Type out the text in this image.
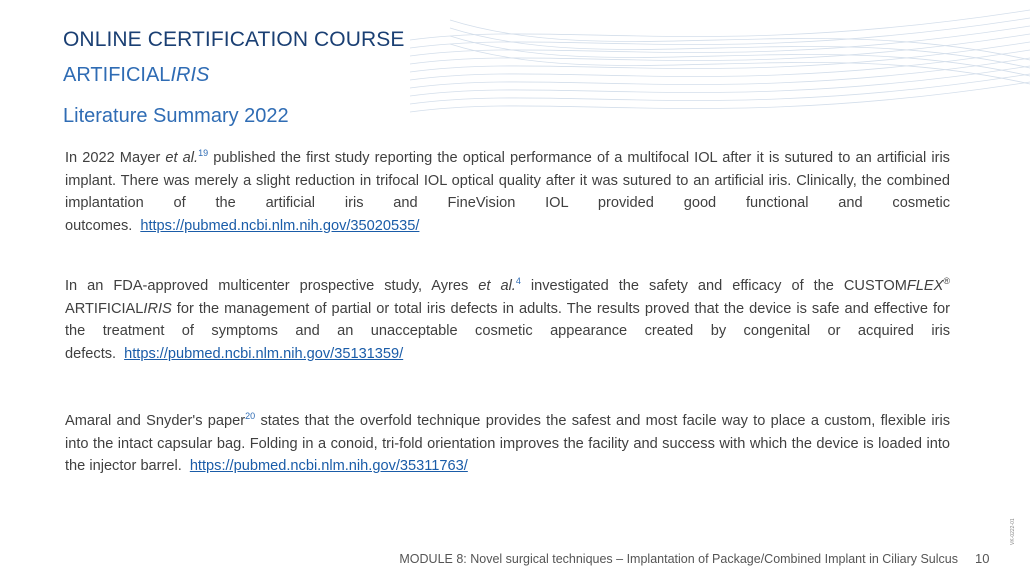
ONLINE CERTIFICATION COURSE
ARTIFICIALIRIS
Literature Summary 2022
In 2022 Mayer et al.$^{19}$ published the first study reporting the optical performance of a multifocal IOL after it is sutured to an artificial iris implant. There was merely a slight reduction in trifocal IOL optical quality after it was sutured to an artificial iris. Clinically, the combined implantation of the artificial iris and FineVision IOL provided good functional and cosmetic outcomes. https://pubmed.ncbi.nlm.nih.gov/35020535/
In an FDA-approved multicenter prospective study, Ayres et al.$^4$ investigated the safety and efficacy of the CUSTOMFLEX® ARTIFICIALIRIS for the management of partial or total iris defects in adults. The results proved that the device is safe and effective for the treatment of symptoms and an unacceptable cosmetic appearance created by congenital or acquired iris defects. https://pubmed.ncbi.nlm.nih.gov/35131359/
Amaral and Snyder's paper$^{20}$ states that the overfold technique provides the safest and most facile way to place a custom, flexible iris into the intact capsular bag. Folding in a conoid, tri-fold orientation improves the facility and success with which the device is loaded into the injector barrel. https://pubmed.ncbi.nlm.nih.gov/35311763/
MODULE 8: Novel surgical techniques – Implantation of Package/Combined Implant in Ciliary Sulcus 10
VK-0222-01
